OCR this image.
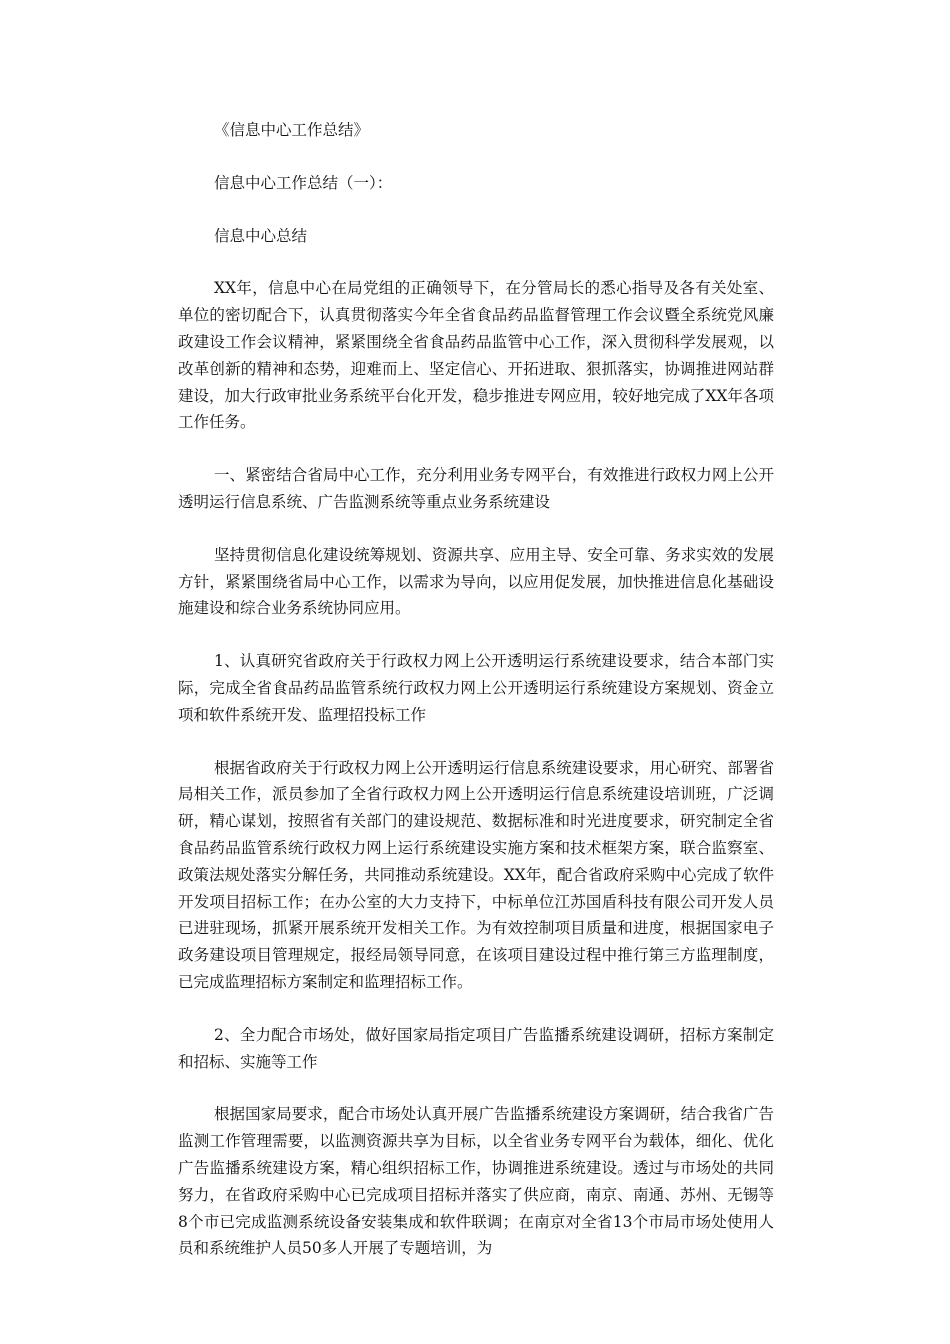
《信息中心工作总结》

信息中心工作总结（一）：

信息中心总结

XX年，信息中心在局党组的正确领导下，在分管局长的悉心指导及各有关处室、单位的密切配合下，认真贯彻落实今年全省食品药品监督管理工作会议暨全系统党风廉政建设工作会议精神，紧紧围绕全省食品药品监管中心工作，深入贯彻科学发展观，以改革创新的精神和态势，迎难而上、坚定信心、开拓进取、狠抓落实，协调推进网站群建设，加大行政审批业务系统平台化开发，稳步推进专网应用，较好地完成了XX年各项工作任务。

一、紧密结合省局中心工作，充分利用业务专网平台，有效推进行政权力网上公开透明运行信息系统、广告监测系统等重点业务系统建设

坚持贯彻信息化建设统筹规划、资源共享、应用主导、安全可靠、务求实效的发展方针，紧紧围绕省局中心工作，以需求为导向，以应用促发展，加快推进信息化基础设施建设和综合业务系统协同应用。

1、认真研究省政府关于行政权力网上公开透明运行系统建设要求，结合本部门实际，完成全省食品药品监管系统行政权力网上公开透明运行系统建设方案规划、资金立项和软件系统开发、监理招投标工作

根据省政府关于行政权力网上公开透明运行信息系统建设要求，用心研究、部署省局相关工作，派员参加了全省行政权力网上公开透明运行信息系统建设培训班，广泛调研，精心谋划，按照省有关部门的建设规范、数据标准和时光进度要求，研究制定全省食品药品监管系统行政权力网上运行系统建设实施方案和技术框架方案，联合监察室、政策法规处落实分解任务，共同推动系统建设。XX年，配合省政府采购中心完成了软件开发项目招标工作；在办公室的大力支持下，中标单位江苏国盾科技有限公司开发人员已进驻现场，抓紧开展系统开发相关工作。为有效控制项目质量和进度，根据国家电子政务建设项目管理规定，报经局领导同意，在该项目建设过程中推行第三方监理制度，已完成监理招标方案制定和监理招标工作。

2、全力配合市场处，做好国家局指定项目广告监播系统建设调研，招标方案制定和招标、实施等工作

根据国家局要求，配合市场处认真开展广告监播系统建设方案调研，结合我省广告监测工作管理需要，以监测资源共享为目标，以全省业务专网平台为载体，细化、优化广告监播系统建设方案，精心组织招标工作，协调推进系统建设。透过与市场处的共同努力，在省政府采购中心已完成项目招标并落实了供应商，南京、南通、苏州、无锡等8个市已完成监测系统设备安装集成和软件联调；在南京对全省13个市局市场处使用人员和系统维护人员50多人开展了专题培训，为
